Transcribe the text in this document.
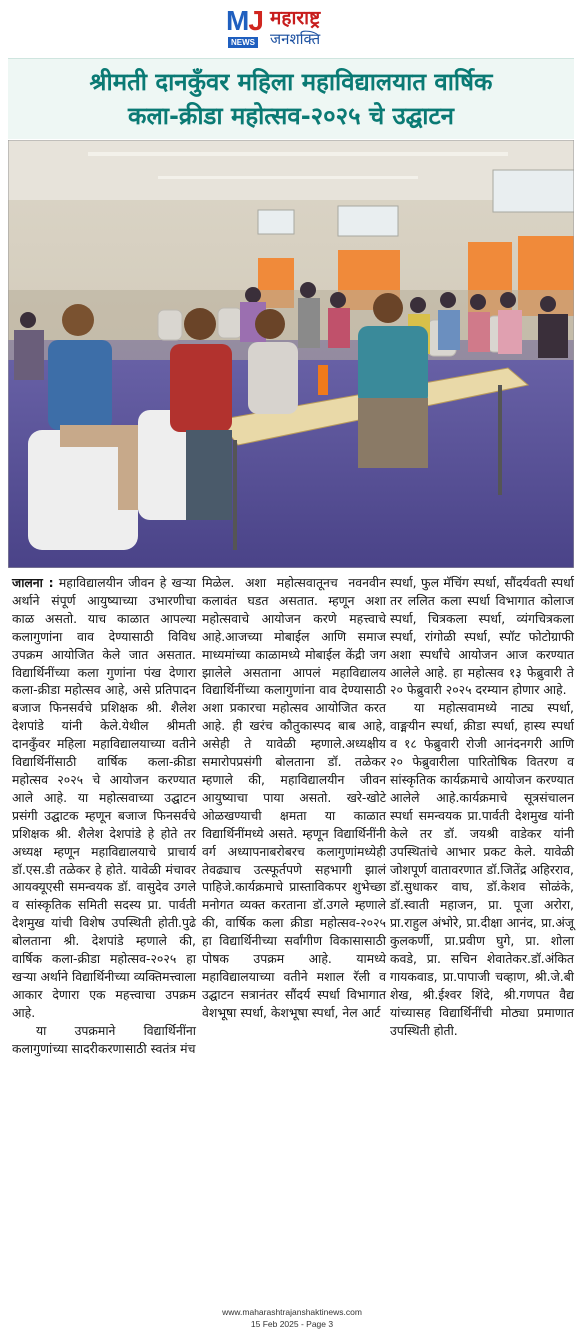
MJ
NEWS
महाराष्ट्र
जनशक्ति
श्रीमती दानकुँवर महिला महाविद्यालयात वार्षिक
कला-क्रीडा महोत्सव-२०२५ चे उद्घाटन

जालना : महाविद्यालयीन जीवन हे खऱ्या अर्थाने संपूर्ण आयुष्याच्या उभारणीचा काळ असतो. याच काळात आपल्या कलागुणांना वाव देण्यासाठी विविध उपक्रम आयोजित केले जात असतात. विद्यार्थिनींच्या कला गुणांना पंख देणारा कला-क्रीडा महोत्सव आहे, असे प्रतिपादन बजाज फिनसर्वचे प्रशिक्षक श्री. शैलेश देशपांडे यांनी केले.येथील श्रीमती दानकुँवर महिला महाविद्यालयाच्या वतीने विद्यार्थिनींसाठी वार्षिक कला-क्रीडा महोत्सव २०२५ चे आयोजन करण्यात आले आहे. या महोत्सवाच्या उद्घाटन प्रसंगी उद्घाटक म्हणून बजाज फिनसर्वचे प्रशिक्षक श्री. शैलेश देशपांडे हे होते तर अध्यक्ष म्हणून महाविद्यालयाचे प्राचार्य डॉ.एस.डी तळेकर हे होते. यावेळी मंचावर आयक्यूएसी समन्वयक डॉ. वासुदेव उगले व सांस्कृतिक समिती सदस्य प्रा. पार्वती देशमुख यांची विशेष उपस्थिती होती.पुढे बोलताना श्री. देशपांडे म्हणाले की, वार्षिक कला-क्रीडा महोत्सव-२०२५ हा खऱ्या अर्थाने विद्यार्थिनीच्या व्यक्तिमत्त्वाला आकार देणारा एक महत्त्वाचा उपक्रम आहे.

या उपक्रमाने विद्यार्थिनींना कलागुणांच्या सादरीकरणासाठी स्वतंत्र मंच

मिळेल. अशा महोत्सवातूनच नवनवीन कलावंत घडत असतात. म्हणून अशा महोत्सवाचे आयोजन करणे महत्त्वाचे आहे.आजच्या मोबाईल आणि समाज माध्यमांच्या काळामध्ये मोबाईल केंद्री जग झालेले असताना आपलं महाविद्यालय विद्यार्थिनींच्या कलागुणांना वाव देण्यासाठी अशा प्रकारचा महोत्सव आयोजित करत आहे. ही खरंच कौतुकास्पद बाब आहे, असेही ते यावेळी म्हणाले.अध्यक्षीय समारोपप्रसंगी बोलताना डॉ. तळेकर म्हणाले की, महाविद्यालयीन जीवन आयुष्याचा पाया असतो. खरे-खोटे ओळखण्याची क्षमता या काळात विद्यार्थिनींमध्ये असते. म्हणून विद्यार्थिनींनी वर्ग अध्यापनाबरोबरच कलागुणांमध्येही तेवढ्याच उत्स्फूर्तपणे सहभागी झालं पाहिजे.कार्यक्रमाचे प्रास्ताविकपर शुभेच्छा मनोगत व्यक्त करताना डॉ.उगले म्हणाले की, वार्षिक कला क्रीडा महोत्सव-२०२५ हा विद्यार्थिनीच्या सर्वांगीण विकासासाठी पोषक उपक्रम आहे. यामध्ये महाविद्यालयाच्या वतीने मशाल रॅली व उद्घाटन सत्रानंतर सौंदर्य स्पर्धा विभागात वेशभूषा स्पर्धा, केशभूषा स्पर्धा, नेल आर्ट

स्पर्धा, फुल मॅचिंग स्पर्धा, सौंदर्यवती स्पर्धा तर ललित कला स्पर्धा विभागात कोलाज स्पर्धा, चित्रकला स्पर्धा, व्यंगचित्रकला स्पर्धा, रांगोळी स्पर्धा, स्पॉट फोटोग्राफी अशा स्पर्धांचे आयोजन आज करण्यात आलेले आहे. हा महोत्सव १३ फेब्रुवारी ते २० फेब्रुवारी २०२५ दरम्यान होणार आहे.

या महोत्सवामध्ये नाट्य स्पर्धा, वाङ्मयीन स्पर्धा, क्रीडा स्पर्धा, हास्य स्पर्धा व १८ फेब्रुवारी रोजी आनंदनगरी आणि २० फेब्रुवारीला पारितोषिक वितरण व सांस्कृतिक कार्यक्रमाचे आयोजन करण्यात आलेले आहे.कार्यक्रमाचे सूत्रसंचालन स्पर्धा समन्वयक प्रा.पार्वती देशमुख यांनी केले तर डॉ. जयश्री वाडेकर यांनी उपस्थितांचे आभार प्रकट केले. यावेळी जोशपूर्ण वातावरणात डॉ.जितेंद्र अहिरराव, डॉ.सुधाकर वाघ, डॉ.केशव सोळंके, डॉ.स्वाती महाजन, प्रा. पूजा अरोरा, प्रा.राहुल अंभोरे, प्रा.दीक्षा आनंद, प्रा.अंजू कुलकर्णी, प्रा.प्रवीण घुगे, प्रा. शोला कवडे, प्रा. सचिन शेवातेकर.डॉ.अंकित गायकवाड, प्रा.पापाजी चव्हाण, श्री.जे.बी शेख, श्री.ईश्वर शिंदे, श्री.गणपत वैद्य यांच्यासह विद्यार्थिनींची मोठ्या प्रमाणात उपस्थिती होती.

www.maharashtrajanshaktinews.com
15 Feb 2025 - Page 3
